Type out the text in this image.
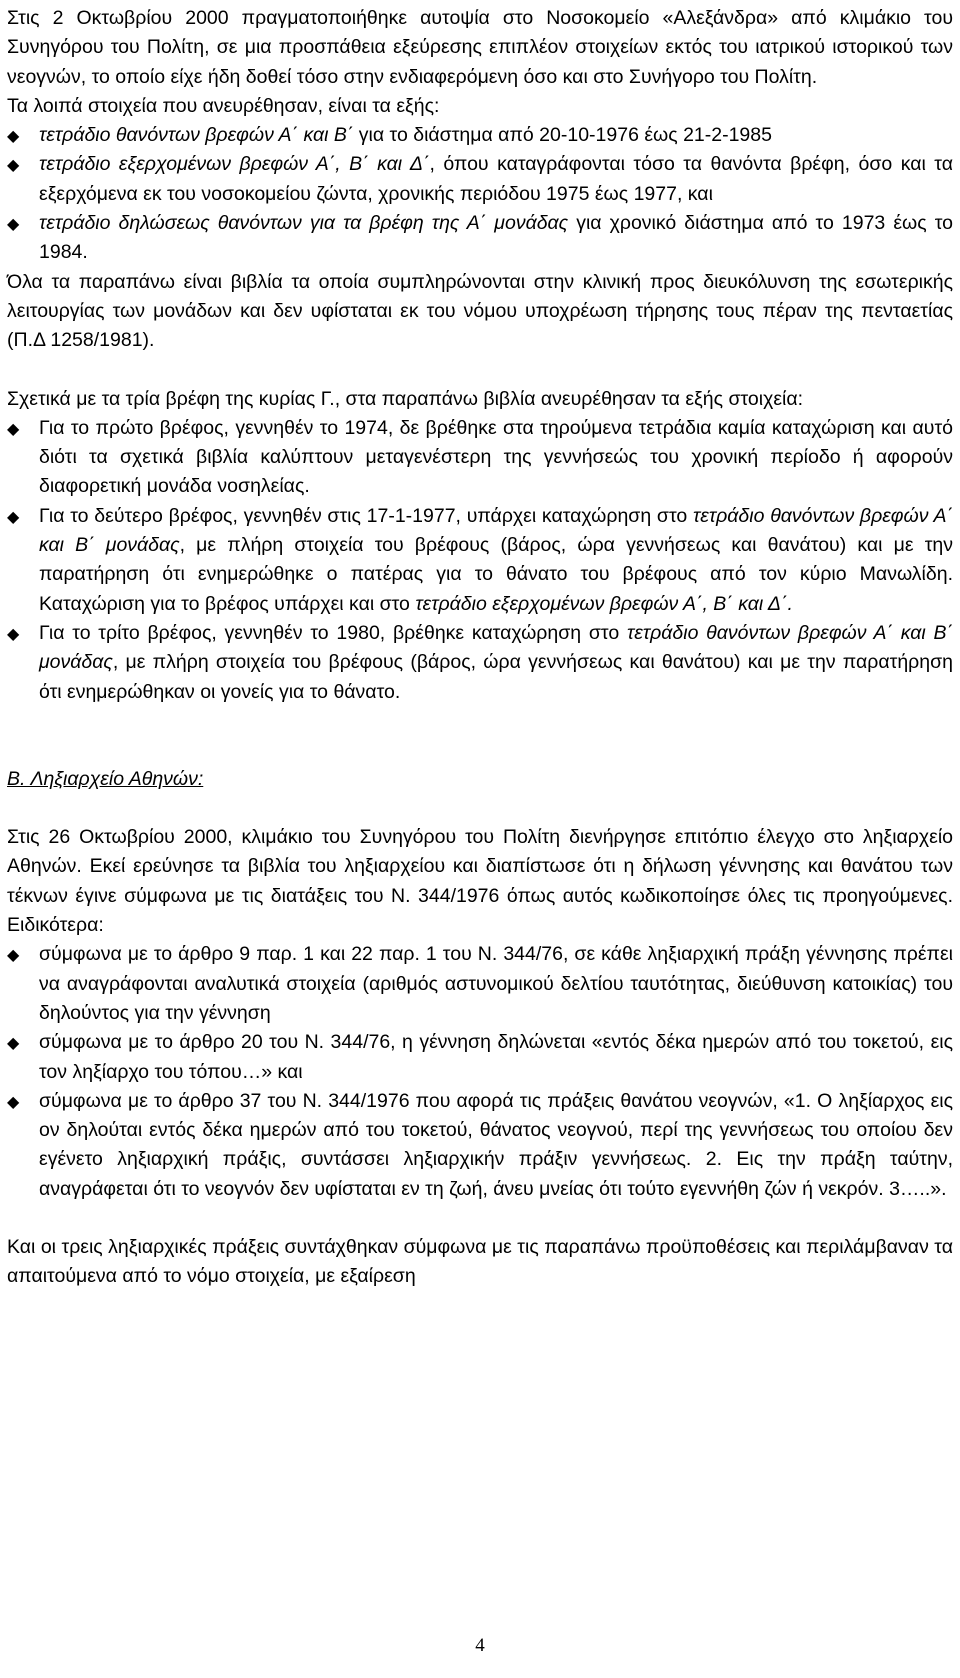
Στις 2 Οκτωβρίου 2000 πραγματοποιήθηκε αυτοψία στο Νοσοκομείο «Αλεξάνδρα» από κλιμάκιο του Συνηγόρου του Πολίτη, σε μια προσπάθεια εξεύρεσης επιπλέον στοιχείων εκτός του ιατρικού ιστορικού των νεογνών, το οποίο είχε ήδη δοθεί τόσο στην ενδιαφερόμενη όσο και στο Συνήγορο του Πολίτη.

Τα λοιπά στοιχεία που ανευρέθησαν, είναι τα εξής:

◆	τετράδιο θανόντων βρεφών Α΄ και Β΄ για το διάστημα από 20-10-1976 έως 21-2-1985
◆	τετράδιο εξερχομένων βρεφών Α΄, Β΄ και Δ΄, όπου καταγράφονται τόσο τα θανόντα βρέφη, όσο και τα εξερχόμενα εκ του νοσοκομείου ζώντα, χρονικής περιόδου 1975 έως 1977, και
◆	τετράδιο δηλώσεως θανόντων για τα βρέφη της Α΄ μονάδας για χρονικό διάστημα από το 1973 έως το 1984.

Όλα τα παραπάνω είναι βιβλία τα οποία συμπληρώνονται στην κλινική προς διευκόλυνση της εσωτερικής λειτουργίας των μονάδων και δεν υφίσταται εκ του νόμου υποχρέωση τήρησης τους πέραν της πενταετίας (Π.Δ 1258/1981).

Σχετικά με τα τρία βρέφη της κυρίας Γ., στα παραπάνω βιβλία ανευρέθησαν τα εξής στοιχεία:

◆	Για το πρώτο βρέφος, γεννηθέν το 1974, δε βρέθηκε στα τηρούμενα τετράδια καμία καταχώριση και αυτό διότι τα σχετικά βιβλία καλύπτουν μεταγενέστερη της γεννήσεώς του χρονική περίοδο ή αφορούν διαφορετική μονάδα νοσηλείας.
◆	Για το δεύτερο βρέφος, γεννηθέν στις 17-1-1977, υπάρχει καταχώρηση στο τετράδιο θανόντων βρεφών Α΄ και Β΄ μονάδας, με πλήρη στοιχεία του βρέφους (βάρος, ώρα γεννήσεως και θανάτου) και με την παρατήρηση ότι ενημερώθηκε ο πατέρας για το θάνατο του βρέφους από τον κύριο Μανωλίδη. Καταχώριση για το βρέφος υπάρχει και στο τετράδιο εξερχομένων βρεφών Α΄, Β΄ και Δ΄.
◆	Για το τρίτο βρέφος, γεννηθέν το 1980, βρέθηκε καταχώρηση στο τετράδιο θανόντων βρεφών Α΄ και Β΄ μονάδας, με πλήρη στοιχεία του βρέφους (βάρος, ώρα γεννήσεως και θανάτου) και με την παρατήρηση ότι ενημερώθηκαν οι γονείς για το θάνατο.

Β. Ληξιαρχείο Αθηνών:

Στις 26 Οκτωβρίου 2000, κλιμάκιο του Συνηγόρου του Πολίτη διενήργησε επιτόπιο έλεγχο στο ληξιαρχείο Αθηνών. Εκεί ερεύνησε τα βιβλία του ληξιαρχείου και διαπίστωσε ότι η δήλωση γέννησης και θανάτου των τέκνων έγινε σύμφωνα με τις διατάξεις του Ν. 344/1976 όπως αυτός κωδικοποίησε όλες τις προηγούμενες. Ειδικότερα:

◆	σύμφωνα με το άρθρο 9 παρ. 1 και 22 παρ. 1 του Ν. 344/76, σε κάθε ληξιαρχική πράξη γέννησης πρέπει να αναγράφονται αναλυτικά στοιχεία (αριθμός αστυνομικού δελτίου ταυτότητας, διεύθυνση κατοικίας) του δηλούντος για την γέννηση
◆	σύμφωνα με το άρθρο 20 του Ν. 344/76, η γέννηση δηλώνεται «εντός δέκα ημερών από του τοκετού, εις τον ληξίαρχο του τόπου…» και
◆	σύμφωνα με το άρθρο 37 του Ν. 344/1976 που αφορά τις πράξεις θανάτου νεογνών, «1. Ο ληξίαρχος εις ον δηλούται εντός δέκα ημερών από του τοκετού, θάνατος νεογνού, περί της γεννήσεως του οποίου δεν εγένετο ληξιαρχική πράξις, συντάσσει ληξιαρχικήν πράξιν γεννήσεως. 2. Εις την πράξη ταύτην, αναγράφεται ότι το νεογνόν δεν υφίσταται εν τη ζωή, άνευ μνείας ότι τούτο εγεννήθη ζών ή νεκρόν. 3…..».

Και οι τρεις ληξιαρχικές πράξεις συντάχθηκαν σύμφωνα με τις παραπάνω προϋποθέσεις και περιλάμβαναν τα απαιτούμενα από το νόμο στοιχεία, με εξαίρεση

4
